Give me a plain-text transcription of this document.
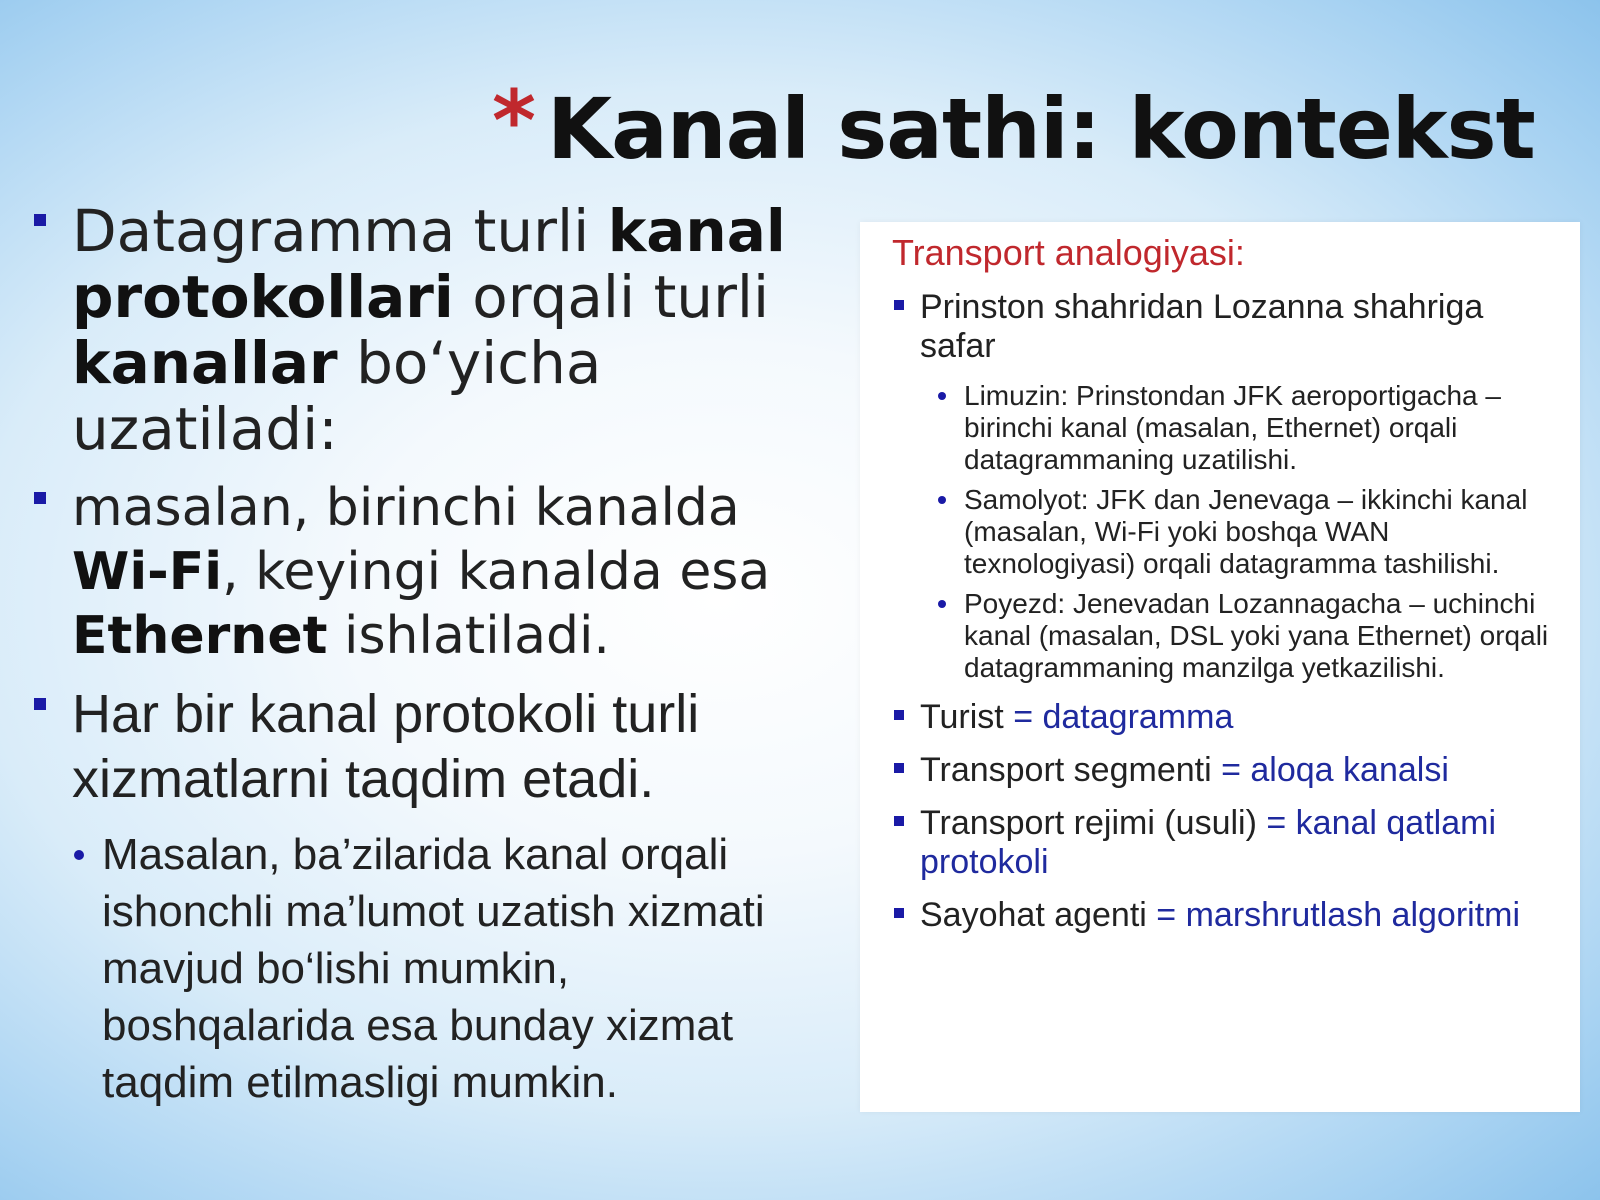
* Kanal sathi: kontekst
Datagramma turli kanal protokollari orqali turli kanallar bo‘yicha uzatiladi:
masalan, birinchi kanalda Wi-Fi, keyingi kanalda esa Ethernet ishlatiladi.
Har bir kanal protokoli turli xizmatlarni taqdim etadi.
Masalan, ba’zilarida kanal orqali ishonchli ma’lumot uzatish xizmati mavjud bo‘lishi mumkin, boshqalarida esa bunday xizmat taqdim etilmasligi mumkin.
Transport analogiyasi:
Prinston shahridan Lozanna shahriga safar
Limuzin: Prinstondan JFK aeroportigacha – birinchi kanal (masalan, Ethernet) orqali datagrammaning uzatilishi.
Samolyot: JFK dan Jenevaga – ikkinchi kanal (masalan, Wi-Fi yoki boshqa WAN texnologiyasi) orqali datagramma tashilishi.
Poyezd: Jenevadan Lozannagacha – uchinchi kanal (masalan, DSL yoki yana Ethernet) orqali datagrammaning manzilga yetkazilishi.
Turist = datagramma
Transport segmenti = aloqa kanalsi
Transport rejimi (usuli) = kanal qatlami protokoli
Sayohat agenti = marshrutlash algoritmi
